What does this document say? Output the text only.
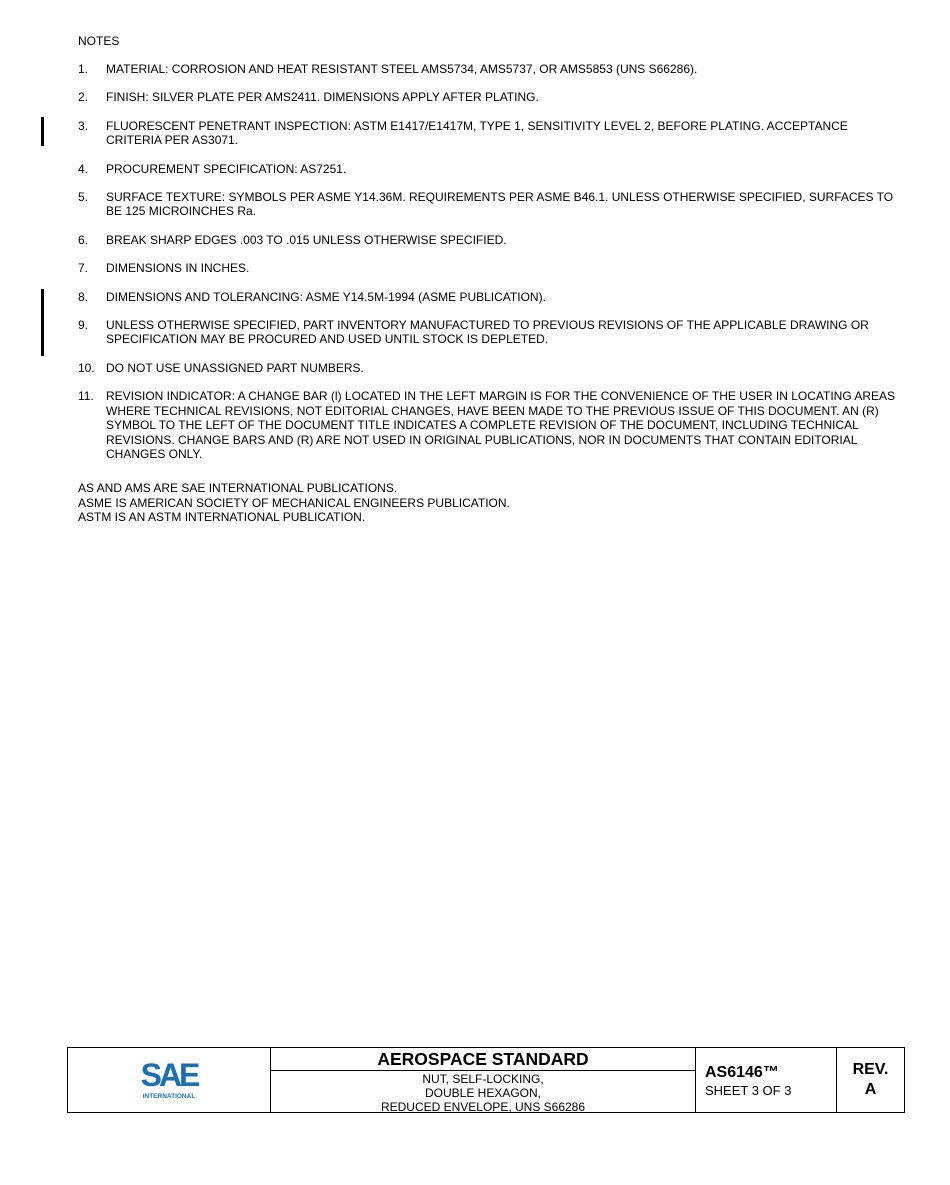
NOTES
1.	MATERIAL: CORROSION AND HEAT RESISTANT STEEL AMS5734, AMS5737, OR AMS5853 (UNS S66286).
2.	FINISH: SILVER PLATE PER AMS2411. DIMENSIONS APPLY AFTER PLATING.
3.	FLUORESCENT PENETRANT INSPECTION: ASTM E1417/E1417M, TYPE 1, SENSITIVITY LEVEL 2, BEFORE PLATING. ACCEPTANCE CRITERIA PER AS3071.
4.	PROCUREMENT SPECIFICATION: AS7251.
5.	SURFACE TEXTURE: SYMBOLS PER ASME Y14.36M. REQUIREMENTS PER ASME B46.1. UNLESS OTHERWISE SPECIFIED, SURFACES TO BE 125 MICROINCHES Ra.
6.	BREAK SHARP EDGES .003 TO .015 UNLESS OTHERWISE SPECIFIED.
7.	DIMENSIONS IN INCHES.
8.	DIMENSIONS AND TOLERANCING: ASME Y14.5M-1994 (ASME PUBLICATION).
9.	UNLESS OTHERWISE SPECIFIED, PART INVENTORY MANUFACTURED TO PREVIOUS REVISIONS OF THE APPLICABLE DRAWING OR SPECIFICATION MAY BE PROCURED AND USED UNTIL STOCK IS DEPLETED.
10. DO NOT USE UNASSIGNED PART NUMBERS.
11.	REVISION INDICATOR: A CHANGE BAR (l) LOCATED IN THE LEFT MARGIN IS FOR THE CONVENIENCE OF THE USER IN LOCATING AREAS WHERE TECHNICAL REVISIONS, NOT EDITORIAL CHANGES, HAVE BEEN MADE TO THE PREVIOUS ISSUE OF THIS DOCUMENT. AN (R) SYMBOL TO THE LEFT OF THE DOCUMENT TITLE INDICATES A COMPLETE REVISION OF THE DOCUMENT, INCLUDING TECHNICAL REVISIONS. CHANGE BARS AND (R) ARE NOT USED IN ORIGINAL PUBLICATIONS, NOR IN DOCUMENTS THAT CONTAIN EDITORIAL CHANGES ONLY.
AS AND AMS ARE SAE INTERNATIONAL PUBLICATIONS.
ASME IS AMERICAN SOCIETY OF MECHANICAL ENGINEERS PUBLICATION.
ASTM IS AN ASTM INTERNATIONAL PUBLICATION.
SAE
INTERNATIONAL
AEROSPACE STANDARD
NUT, SELF-LOCKING,
DOUBLE HEXAGON,
REDUCED ENVELOPE, UNS S66286
AS6146™
SHEET 3 OF 3
REV.
A
